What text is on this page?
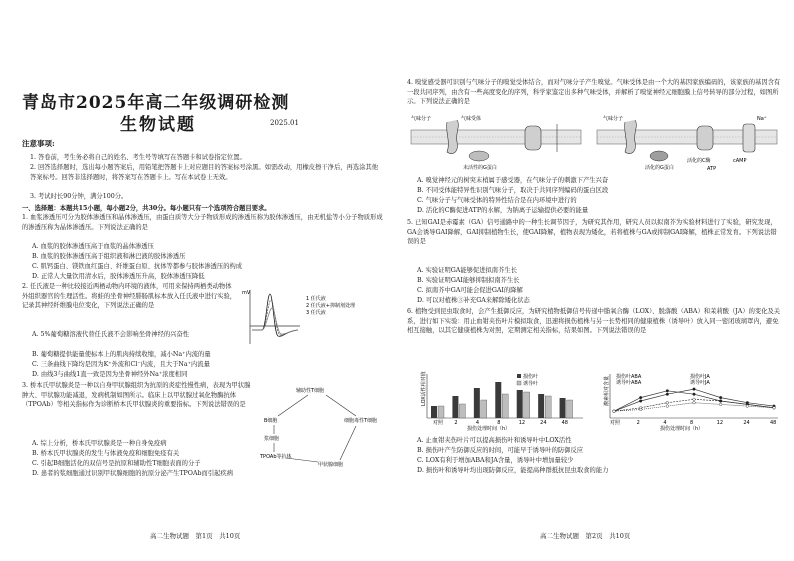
青岛市2025年高二年级调研检测
生物试题	2025.01
注意事项:
1. 答卷前，考生务必将自己的姓名、考生号等填写在答题卡和试卷指定位置。
2. 回答选择题时，选出每小题答案后，用铅笔把答题卡上对应题目的答案标号涂黑。如需改动，用橡皮擦干净后，再选涂其他答案标号。回答非选择题时，将答案写在答题卡上。写在本试卷上无效。
3. 考试时长90分钟，满分100分。
一、选择题：本题共15小题，每小题2分，共30分。每小题只有一个选项符合题目要求。
1. 血浆渗透压可分为胶体渗透压和晶体渗透压，由蛋白质等大分子物质形成的渗透压称为胶体渗透压，由无机盐等小分子物质形成的渗透压称为晶体渗透压。下列说法正确的是
A. 血浆的胶体渗透压高于血浆的晶体渗透压
B. 血浆的胶体渗透压高于组织液和淋巴液的胶体渗透压
C. 肌钙蛋白、镁铁血红蛋白、纤维蛋白原、抗体等都参与胶体渗透压的构成
D. 正常人大量饮用清水后，胶体渗透压升高，胶体渗透压降低
2. 任氏液是一种比较接近两栖动物内环境的液体，可用来保持两栖类动物体外组织器官的生理活性。将蛙的坐骨神经腓肠肌标本放入任氏液中进行实验，记录其神经纤维膜电位变化，下列说法正确的是
A. 5%葡萄糖溶液代替任氏液不会影响坐骨神经的兴奋性
B. 葡萄糖提供能量使标本上的肌肉持续收缩，减小Na⁺内流的量
C. 三条曲线下降均是因为K⁺外流和Cl⁻内流，且大于Na⁺内流量
D. 由线3与曲线1直一致是因为坐骨神经外Na⁺浓度相同
mV
1 任氏液
2 任氏液+抑制剂处理
3 任氏液
3. 桥本氏甲状腺炎是一种以自身甲状腺组织为抗原的炎症性慢性病，表现为甲状腺肿大、甲状腺功能减退，发病机制如图所示。临床上以甲状腺过氧化物酶抗体（TPOAb）等相关指标作为诊断桥本氏甲状腺炎的重要指标。下列说法错误的是
A. 综上分析，桥本氏甲状腺炎是一种自身免疫病
B. 桥本氏甲状腺炎的发生与体液免疫和细胞免疫有关
C. 引起B细胞活化的双信号是抗原和辅助性T细胞表面的分子
D. 患者的浆细胞通过识别甲状腺细胞的抗原分泌产生TPOAb而引起疾病
辅助性T细胞
B细胞
浆细胞
细胞毒性T细胞
TPOAb等抗体
甲状腺细胞
高二生物试题　第1页　共10页
4. 嗅觉感受器可识别与气味分子的嗅觉受体结合，而对气味分子产生嗅觉。气味受体是由一个大的基因家族编码的，该家族的基因含有一段共同序列，由含有一些高度变化的序列，科学家鉴定出多种气味受体，并解析了嗅觉神经元细胞膜上信号转导的部分过程，如图所示。下列说法正确的是
气味分子	气味受体
未活性的G蛋白
气味分子
活化的G蛋白
活化的C酶
ATP
cAMP
Na⁺
A. 嗅觉神经元的树突末梢属于感受器，在气味分子的刺激下产生兴奋
B. 不同受体能特异性识别气味分子，取决于共同序列编码的蛋白区段
C. 气味分子与气味受体的特异性结合是在内环境中进行的
D. 活化的C酶促进ATP的水解，为钠离子运输提供必要的能量
5. 已知GAI是赤霉素（GA）信号通路中的一种生长调节因子，为研究其作用，研究人员以拟南芥为实验材料进行了实验，研究发现，GA会诱导GAI降解，GAI抑制植物生长，使GAI降解，植物表现为矮化，若将植株与GA或抑制GAI降解，植株正常发育。下列说法错误的是
A. 实验证明GA能够促进拟南芥生长
B. 实验证明GAI能够抑制拟南芥生长
C. 拟南芥中GA可能会促进GAI的降解
D. 可以对植株③补充GA来解除矮化状态
6. 植物受到昆虫取食时，会产生抵御反应，为研究植物抵御信号传递中脂氧合酶（LOX）、脱落酸（ABA）和茉莉酸（JA）的变化及关系，进行如下实验：用止血钳夹伤叶片模拟取食，迅速将损伤植株与另一长势相同的健康植株（诱导叶）放入同一密闭玻璃罩内，避免相互接触，以其它健康植株为对照，定期测定相关指标，结果如图。下列说法错误的是
LOX活性相对值
损伤处理时间（h）
损伤叶
诱导叶
对照 2	4	8	12	24	48
激素相对含量
损伤处理时间（h）
损伤叶ABA
诱导叶ABA
损伤叶JA
诱导叶JA
对照	2	4	8	12	24	48
A. 止血钳夹伤叶片可以提高损伤叶和诱导叶中LOX活性
B. 损伤叶产生防御反应的时间，可能早于诱导叶的防御反应
C. LOX有利于增加ABA和JA含量，诱导叶中增加量较少
D. 损伤叶和诱导叶均出现防御反应，能提高种群抵抗昆虫取食的能力
高二生物试题　第2页　共10页
